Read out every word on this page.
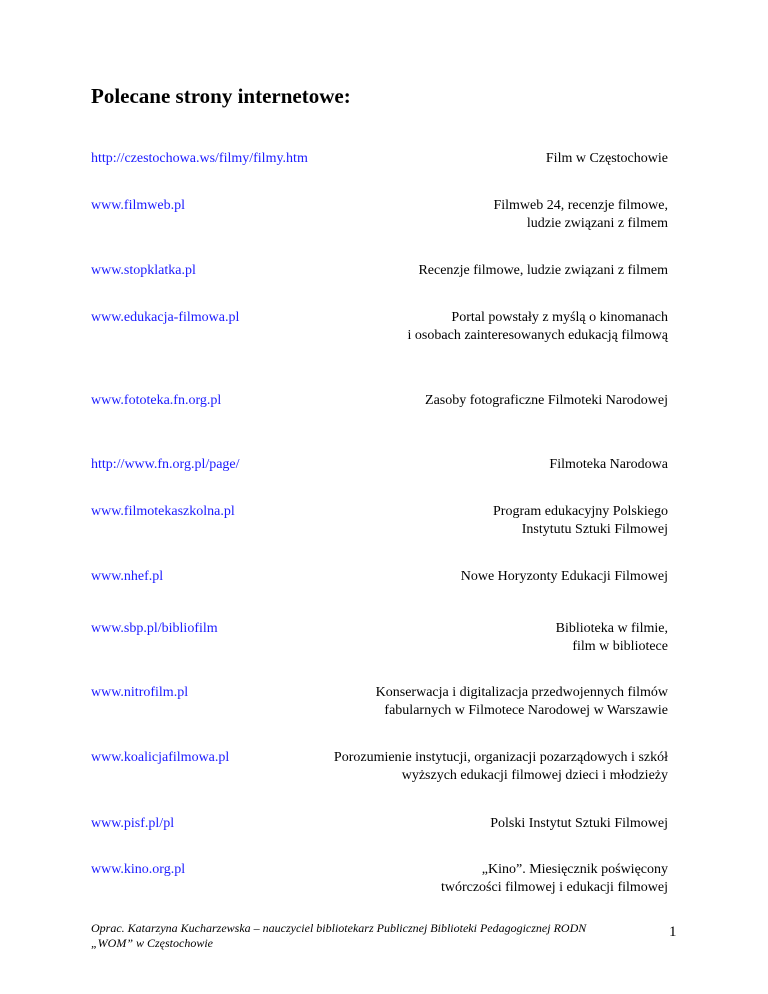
Polecane strony internetowe:
http://czestochowa.ws/filmy/filmy.htm	Film w Częstochowie
www.filmweb.pl	Filmweb 24, recenzje filmowe,
ludzie związani z filmem
www.stopklatka.pl	Recenzje filmowe, ludzie związani z filmem
www.edukacja-filmowa.pl	Portal powstały z myślą o kinomanach
i osobach zainteresowanych edukacją filmową
www.fototeka.fn.org.pl	Zasoby fotograficzne Filmoteki Narodowej
http://www.fn.org.pl/page/	Filmoteka Narodowa
www.filmotekaszkolna.pl	Program edukacyjny Polskiego
Instytutu Sztuki Filmowej
www.nhef.pl	Nowe Horyzonty Edukacji Filmowej
www.sbp.pl/bibliofilm	Biblioteka w filmie,
film w bibliotece
www.nitrofilm.pl	Konserwacja i digitalizacja przedwojennych filmów
fabularnych w Filmotece Narodowej w Warszawie
www.koalicjafilmowa.pl	Porozumienie instytucji, organizacji pozarządowych i szkół
wyższych edukacji filmowej dzieci i młodzieży
www.pisf.pl/pl	Polski Instytut Sztuki Filmowej
www.kino.org.pl	„Kino”. Miesięcznik poświęcony
twórczości filmowej i edukacji filmowej
Oprac. Katarzyna Kucharzewska – nauczyciel bibliotekarz Publicznej Biblioteki Pedagogicznej RODN
„WOM” w Częstochowie
1
